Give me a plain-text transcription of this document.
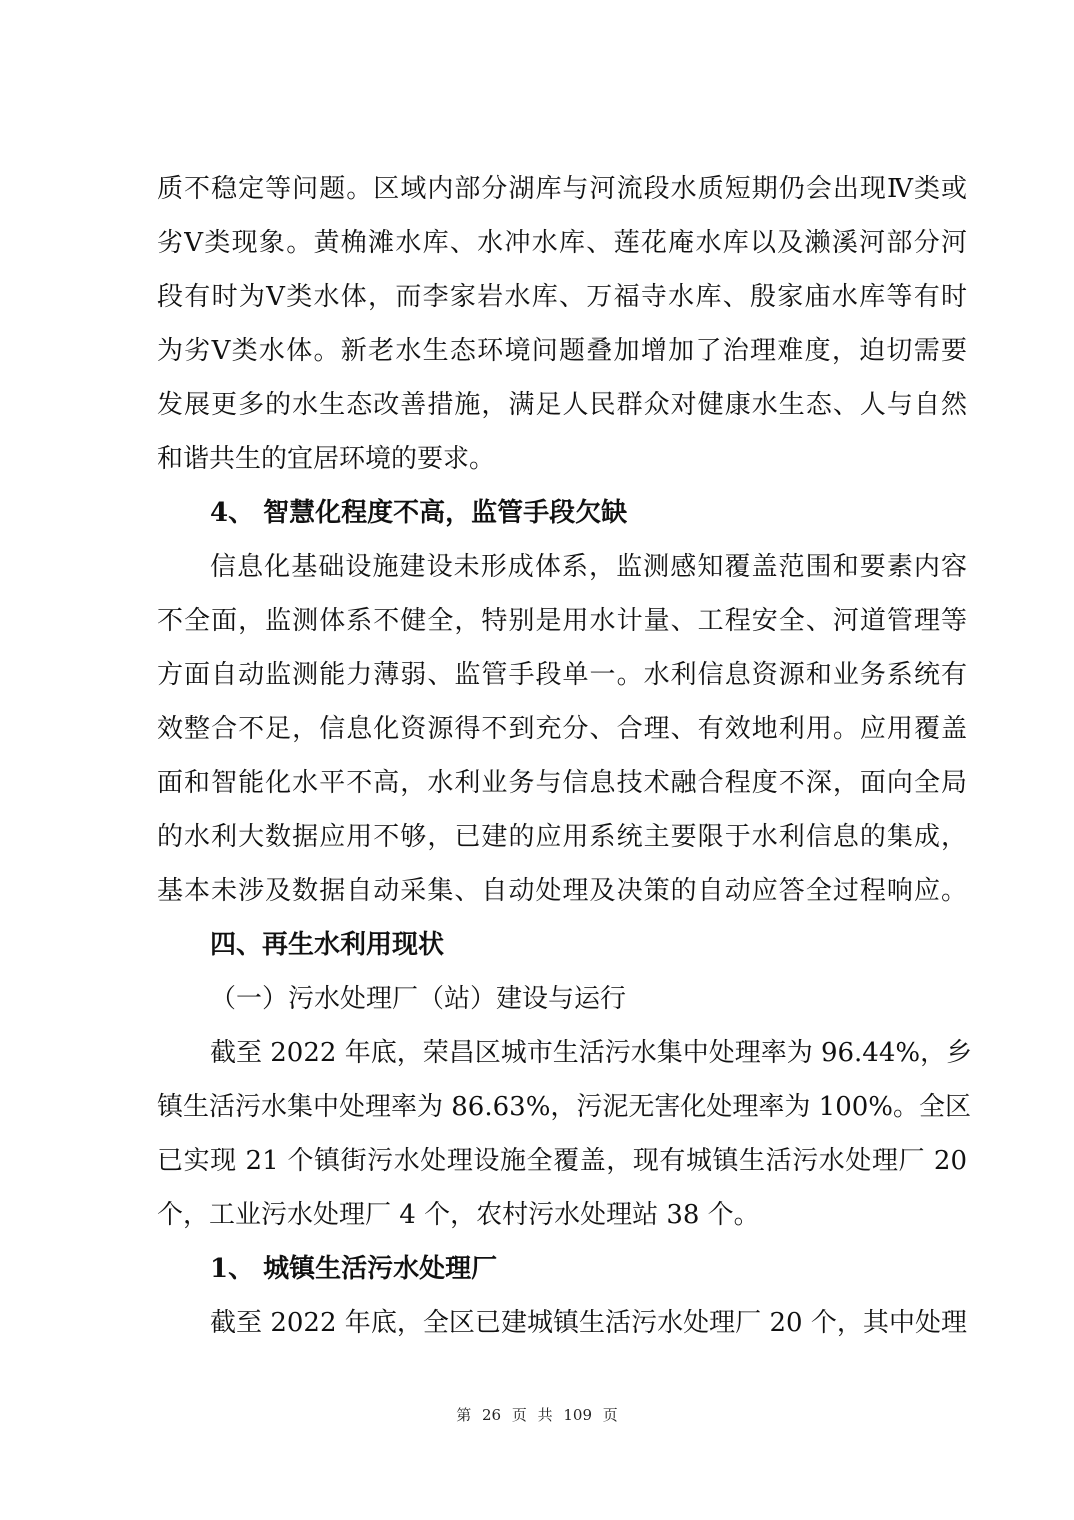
质不稳定等问题。区域内部分湖库与河流段水质短期仍会出现Ⅳ类或
劣Ⅴ类现象。黄桷滩水库、水冲水库、莲花庵水库以及濑溪河部分河
段有时为Ⅴ类水体，而李家岩水库、万福寺水库、殷家庙水库等有时
为劣Ⅴ类水体。新老水生态环境问题叠加增加了治理难度，迫切需要
发展更多的水生态改善措施，满足人民群众对健康水生态、人与自然
和谐共生的宜居环境的要求。
4、 智慧化程度不高，监管手段欠缺
信息化基础设施建设未形成体系，监测感知覆盖范围和要素内容
不全面，监测体系不健全，特别是用水计量、工程安全、河道管理等
方面自动监测能力薄弱、监管手段单一。水利信息资源和业务系统有
效整合不足，信息化资源得不到充分、合理、有效地利用。应用覆盖
面和智能化水平不高，水利业务与信息技术融合程度不深，面向全局
的水利大数据应用不够，已建的应用系统主要限于水利信息的集成，
基本未涉及数据自动采集、自动处理及决策的自动应答全过程响应。
四、再生水利用现状
（一）污水处理厂（站）建设与运行
截至 2022 年底，荣昌区城市生活污水集中处理率为 96.44%，乡
镇生活污水集中处理率为 86.63%，污泥无害化处理率为 100%。全区
已实现 21 个镇街污水处理设施全覆盖，现有城镇生活污水处理厂 20
个，工业污水处理厂 4 个，农村污水处理站 38 个。
1、 城镇生活污水处理厂
截至 2022 年底，全区已建城镇生活污水处理厂 20 个，其中处理
第 26 页 共 109 页
